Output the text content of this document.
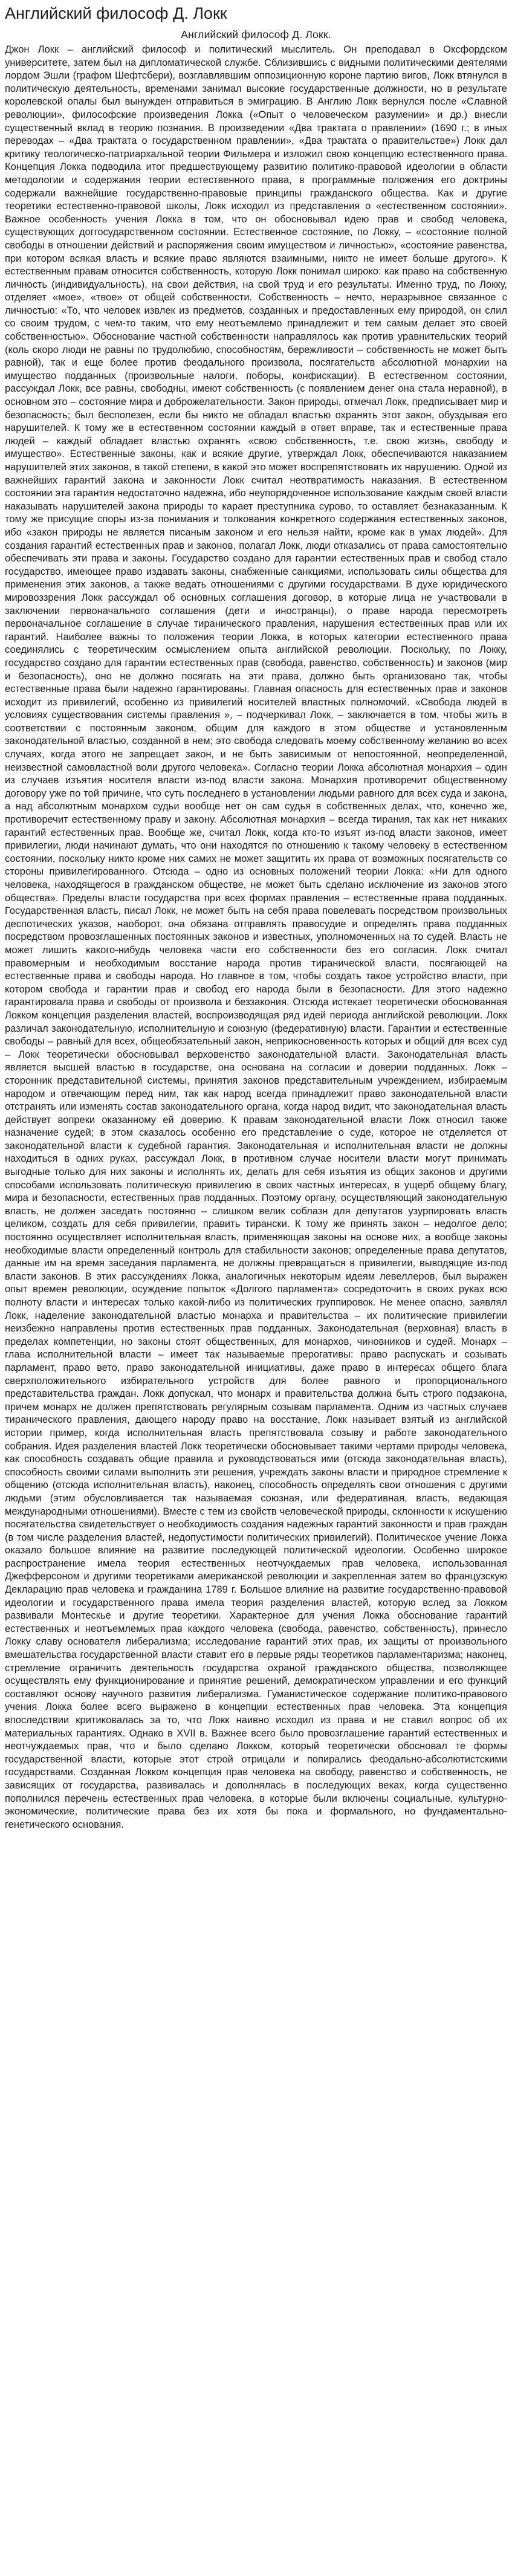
Английский философ Д. Локк

Английский философ Д. Локк.

Джон Локк – английский философ и политический мыслитель. Он преподавал в Оксфордском университете, затем был на дипломатической службе. Сблизившись с видными политическими деятелями лордом Эшли (графом Шефтсбери), возглавлявшим оппозиционную короне партию вигов, Локк втянулся в политическую деятельность, временами занимал высокие государственные должности, но в результате королевской опалы был вынужден отправиться в эмиграцию. В Англию Локк вернулся после «Славной революции», философские произведения Локка («Опыт о человеческом разумении» и др.) внесли существенный вклад в теорию познания. В произведении «Два трактата о правлении» (1690 г.; в иных переводах – «Два трактата о государственном правлении», «Два трактата о правительстве») Локк дал критику теологическо-патриархальной теории Фильмера и изложил свою концепцию естественного права. Концепция Локка подводила итог предшествующему развитию политико-правовой идеологии в области методологии и содержания теории естественного права, в программные положения его доктрины содержали важнейшие государственно-правовые принципы гражданского общества. Как и другие теоретики естественно-правовой школы, Локк исходил из представления о «естественном состоянии». Важное особенность учения Локка в том, что он обосновывал идею прав и свобод человека, существующих доггосударственном состоянии. Естественное состояние, по Локку, – «состояние полной свободы в отношении действий и распоряжения своим имуществом и личностью», «состояние равенства, при котором всякая власть и всякие право являются взаимными, никто не имеет больше другого». К естественным правам относится собственность, которую Локк понимал широко: как право на собственную личность (индивидуальность), на свои действия, на свой труд и его результаты. Именно труд, по Локку, отделяет «мое», «твое» от общей собственности. Собственность – нечто, неразрывное связанное с личностью: «То, что человек извлек из предметов, созданных и предоставленных ему природой, он слил со своим трудом, с чем-то таким, что ему неотъемлемо принадлежит и тем самым делает это своей собственностью». Обоснование частной собственности направлялось как против уравнительских теорий (коль скоро люди не равны по трудолюбию, способностям, бережливости – собственность не может быть равной), так и еще более против феодального произвола, посягательств абсолютной монархии на имущество подданных (произвольные налоги, поборы, конфискации). В естественном состоянии, рассуждал Локк, все равны, свободны, имеют собственность (с появлением денег она стала неравной), в основном это – состояние мира и доброжелательности. Закон природы, отмечал Локк, предписывает мир и безопасность; был бесполезен, если бы никто не обладал властью охранять этот закон, обуздывая его нарушителей. К тому же в естественном состоянии каждый в ответ вправе, так и естественные права людей – каждый обладает властью охранять «свою собственность, т.е. свою жизнь, свободу и имущество». Естественные законы, как и всякие другие, утверждал Локк, обеспечиваются наказанием нарушителей этих законов, в такой степени, в какой это может воспрепятствовать их нарушению. Одной из важнейших гарантий закона и законности Локк считал неотвратимость наказания. В естественном состоянии эта гарантия недостаточно надежна, ибо неупорядоченное использование каждым своей власти наказывать нарушителей закона природы то карает преступника сурово, то оставляет безнаказанным. К тому же присущие споры из-за понимания и толкования конкретного содержания естественных законов, ибо «закон природы не является писаным законом и его нельзя найти, кроме как в умах людей». Для создания гарантий естественных прав и законов, полагал Локк, люди отказались от права самостоятельно обеспечивать эти права и законы. Государство создано для гарантии естественных прав и свобод стало государство, имеющее право издавать законы, снабженные санкциями, использовать силы общества для применения этих законов, а также ведать отношениями с другими государствами. В духе юридического мировоззрения Локк рассуждал об основных соглашения договор, в которые лица не участвовали в заключении первоначального соглашения (дети и иностранцы), о праве народа пересмотреть первоначальное соглашение в случае тиранического правления, нарушения естественных прав или их гарантий. Наиболее важны то положения теории Локка, в которых категории естественного права соединялись с теоретическим осмыслением опыта английской революции. Поскольку, по Локку, государство создано для гарантии естественных прав (свобода, равенство, собственность) и законов (мир и безопасность), оно не должно посягать на эти права, должно быть организовано так, чтобы естественные права были надежно гарантированы. Главная опасность для естественных прав и законов исходит из привилегий, особенно из привилегий носителей властных полномочий. «Свобода людей в условиях существования системы правления », – подчеркивал Локк, – заключается в том, чтобы жить в соответствии с постоянным законом, общим для каждого в этом обществе и установленным законодательной властью, созданной в нем; это свобода следовать моему собственному желанию во всех случаях, когда этого не запрещает закон, и не быть зависимым от непостоянной, неопределенной, неизвестной самовластной воли другого человека». Согласно теории Локка абсолютная монархия – один из случаев изъятия носителя власти из-под власти закона. Монархия противоречит общественному договору уже по той причине, что суть последнего в установлении людьми равного для всех суда и закона, а над абсолютным монархом судьи вообще нет он сам судья в собственных делах, что, конечно же, противоречит естественному праву и закону. Абсолютная монархия – всегда тирания, так как нет никаких гарантий естественных прав. Вообще же, считал Локк, когда кто-то изъят из-под власти законов, имеет привилегии, люди начинают думать, что они находятся по отношению к такому человеку в естественном состоянии, поскольку никто кроме них самих не может защитить их права от возможных посягательств со стороны привилегированного. Отсюда – одно из основных положений теории Локка: «Ни для одного человека, находящегося в гражданском обществе, не может быть сделано исключение из законов этого общества». Пределы власти государства при всех формах правления – естественные права подданных. Государственная власть, писал Локк, не может быть на себя права повелевать посредством произвольных деспотических указов, наоборот, она обязана отправлять правосудие и определять права подданных посредством провозглашенных постоянных законов и известных, уполномоченных на то судей. Власть не может лишить какого-нибудь человека части его собственности без его согласия. Локк считал правомерным и необходимым восстание народа против тиранической власти, посягающей на естественные права и свободы народа. Но главное в том, чтобы создать такое устройство власти, при котором свобода и гарантии прав и свобод его народа были в безопасности. Для этого надежно гарантировала права и свободы от произвола и беззакония. Отсюда истекает теоретически обоснованная Локком концепция разделения властей, воспроизводящая ряд идей периода английской революции. Локк различал законодательную, исполнительную и союзную (федеративную) власти. Гарантии и естественные свободы – равный для всех, общеобязательный закон, неприкосновенность которых и общий для всех суд – Локк теоретически обосновывал верховенство законодательной власти. Законодательная власть является высшей властью в государстве, она основана на согласии и доверии подданных. Локк – сторонник представительной системы, принятия законов представительным учреждением, избираемым народом и отвечающим перед ним, так как народ всегда принадлежит право законодательной власти отстранять или изменять состав законодательного органа, когда народ видит, что законодательная власть действует вопреки оказанному ей доверию. К правам законодательной власти Локк относил также назначение судей; в этом сказалось особенно его представление о суде, которое не отделяется от законодательной власти к судебной гарантия. Законодательная и исполнительная власти не должны находиться в одних руках, рассуждал Локк, в противном случае носители власти могут принимать выгодные только для них законы и исполнять их, делать для себя изъятия из общих законов и другими способами использовать политическую привилегию в своих частных интересах, в ущерб общему благу, мира и безопасности, естественных прав подданных. Поэтому органу, осуществляющий законодательную власть, не должен заседать постоянно – слишком велик соблазн для депутатов узурпировать власть целиком, создать для себя привилегии, править тирански. К тому же принять закон – недолгое дело; постоянно осуществляет исполнительная власть, применяющая законы на основе них, а вообще законы необходимые власти определенный контроль для стабильности законов; определенные права депутатов, данные им на время заседания парламента, не должны превращаться в привилегии, выводящие из-под власти законов. В этих рассуждениях Локка, аналогичных некоторым идеям левеллеров, был выражен опыт времен революции, осуждение попыток «Долгого парламента» сосредоточить в своих руках всю полноту власти и интересах только какой-либо из политических группировок. Не менее опасно, заявлял Локк, наделение законодательной властью монарха и правительства – их политические привилегии неизбежно направлены против естественных прав подданных. Законодательная (верховная) власть в пределах компетенции, но законы стоят общественных, для монархов, чиновников и судей. Монарх – глава исполнительной власти – имеет так называемые прерогативы: право распускать и созывать парламент, право вето, право законодательной инициативы, даже право в интересах общего блага сверхположительного избирательного устройств для более равного и пропорционального представительства граждан. Локк допускал, что монарх и правительства должна быть строго подзакона, причем монарх не должен препятствовать регулярным созывам парламента. Одним из частных случаев тиранического правления, дающего народу право на восстание, Локк называет взятый из английской истории пример, когда исполнительная власть препятствовала созыву и работе законодательного собрания. Идея разделения властей Локк теоретически обосновывает такими чертами природы человека, как способность создавать общие правила и руководствоваться ими (отсюда законодательная власть), способность своими силами выполнить эти решения, учреждать законы власти и природное стремление к общению (отсюда исполнительная власть), наконец, способность определять свои отношения с другими людьми (этим обусловливается так называемая союзная, или федеративная, власть, ведающая международными отношениями). Вместе с тем из свойств человеческой природы, склонности к искушению посягательства свидетельствует о необходимость создания надежных гарантий законности и прав граждан (в том числе разделения властей, недопустимости политических привилегий). Политическое учение Локка оказало большое влияние на развитие последующей политической идеологии. Особенно широкое распространение имела теория естественных неотчуждаемых прав человека, использованная Джефферсоном и другими теоретиками американской революции и закрепленная затем во французскую Декларацию прав человека и гражданина 1789 г. Большое влияние на развитие государственно-правовой идеологии и государственного права имела теория разделения властей, которую вслед за Локком развивали Монтескье и другие теоретики. Характерное для учения Локка обоснование гарантий естественных и неотъемлемых прав каждого человека (свобода, равенство, собственность), принесло Локку славу основателя либерализма; исследование гарантий этих прав, их защиты от произвольного вмешательства государственной власти ставит его в первые ряды теоретиков парламентаризма; наконец, стремление ограничить деятельность государства охраной гражданского общества, позволяющее осуществлять ему функционирование и принятие решений, демократическом управлении и его функций составляют основу научного развития либерализма. Гуманистическое содержание политико-правового учения Локка более всего выражено в концепции естественных прав человека. Эта концепция впоследствии критиковалась за то, что Локк наивно исходил из права и не ставил вопрос об их материальных гарантиях. Однако в XVII в. Важнее всего было провозглашение гарантий естественных и неотчуждаемых прав, что и было сделано Локком, который теоретически обосновал те формы государственной власти, которые этот строй отрицали и попирались феодально-абсолютистскими государствами. Созданная Локком концепция прав человека на свободу, равенство и собственность, не зависящих от государства, развивалась и дополнялась в последующих веках, когда существенно пополнился перечень естественных прав человека, в которые были включены социальные, культурно-экономические, политические права без их хотя бы пока и формального, но фундаментально-генетического основания.
